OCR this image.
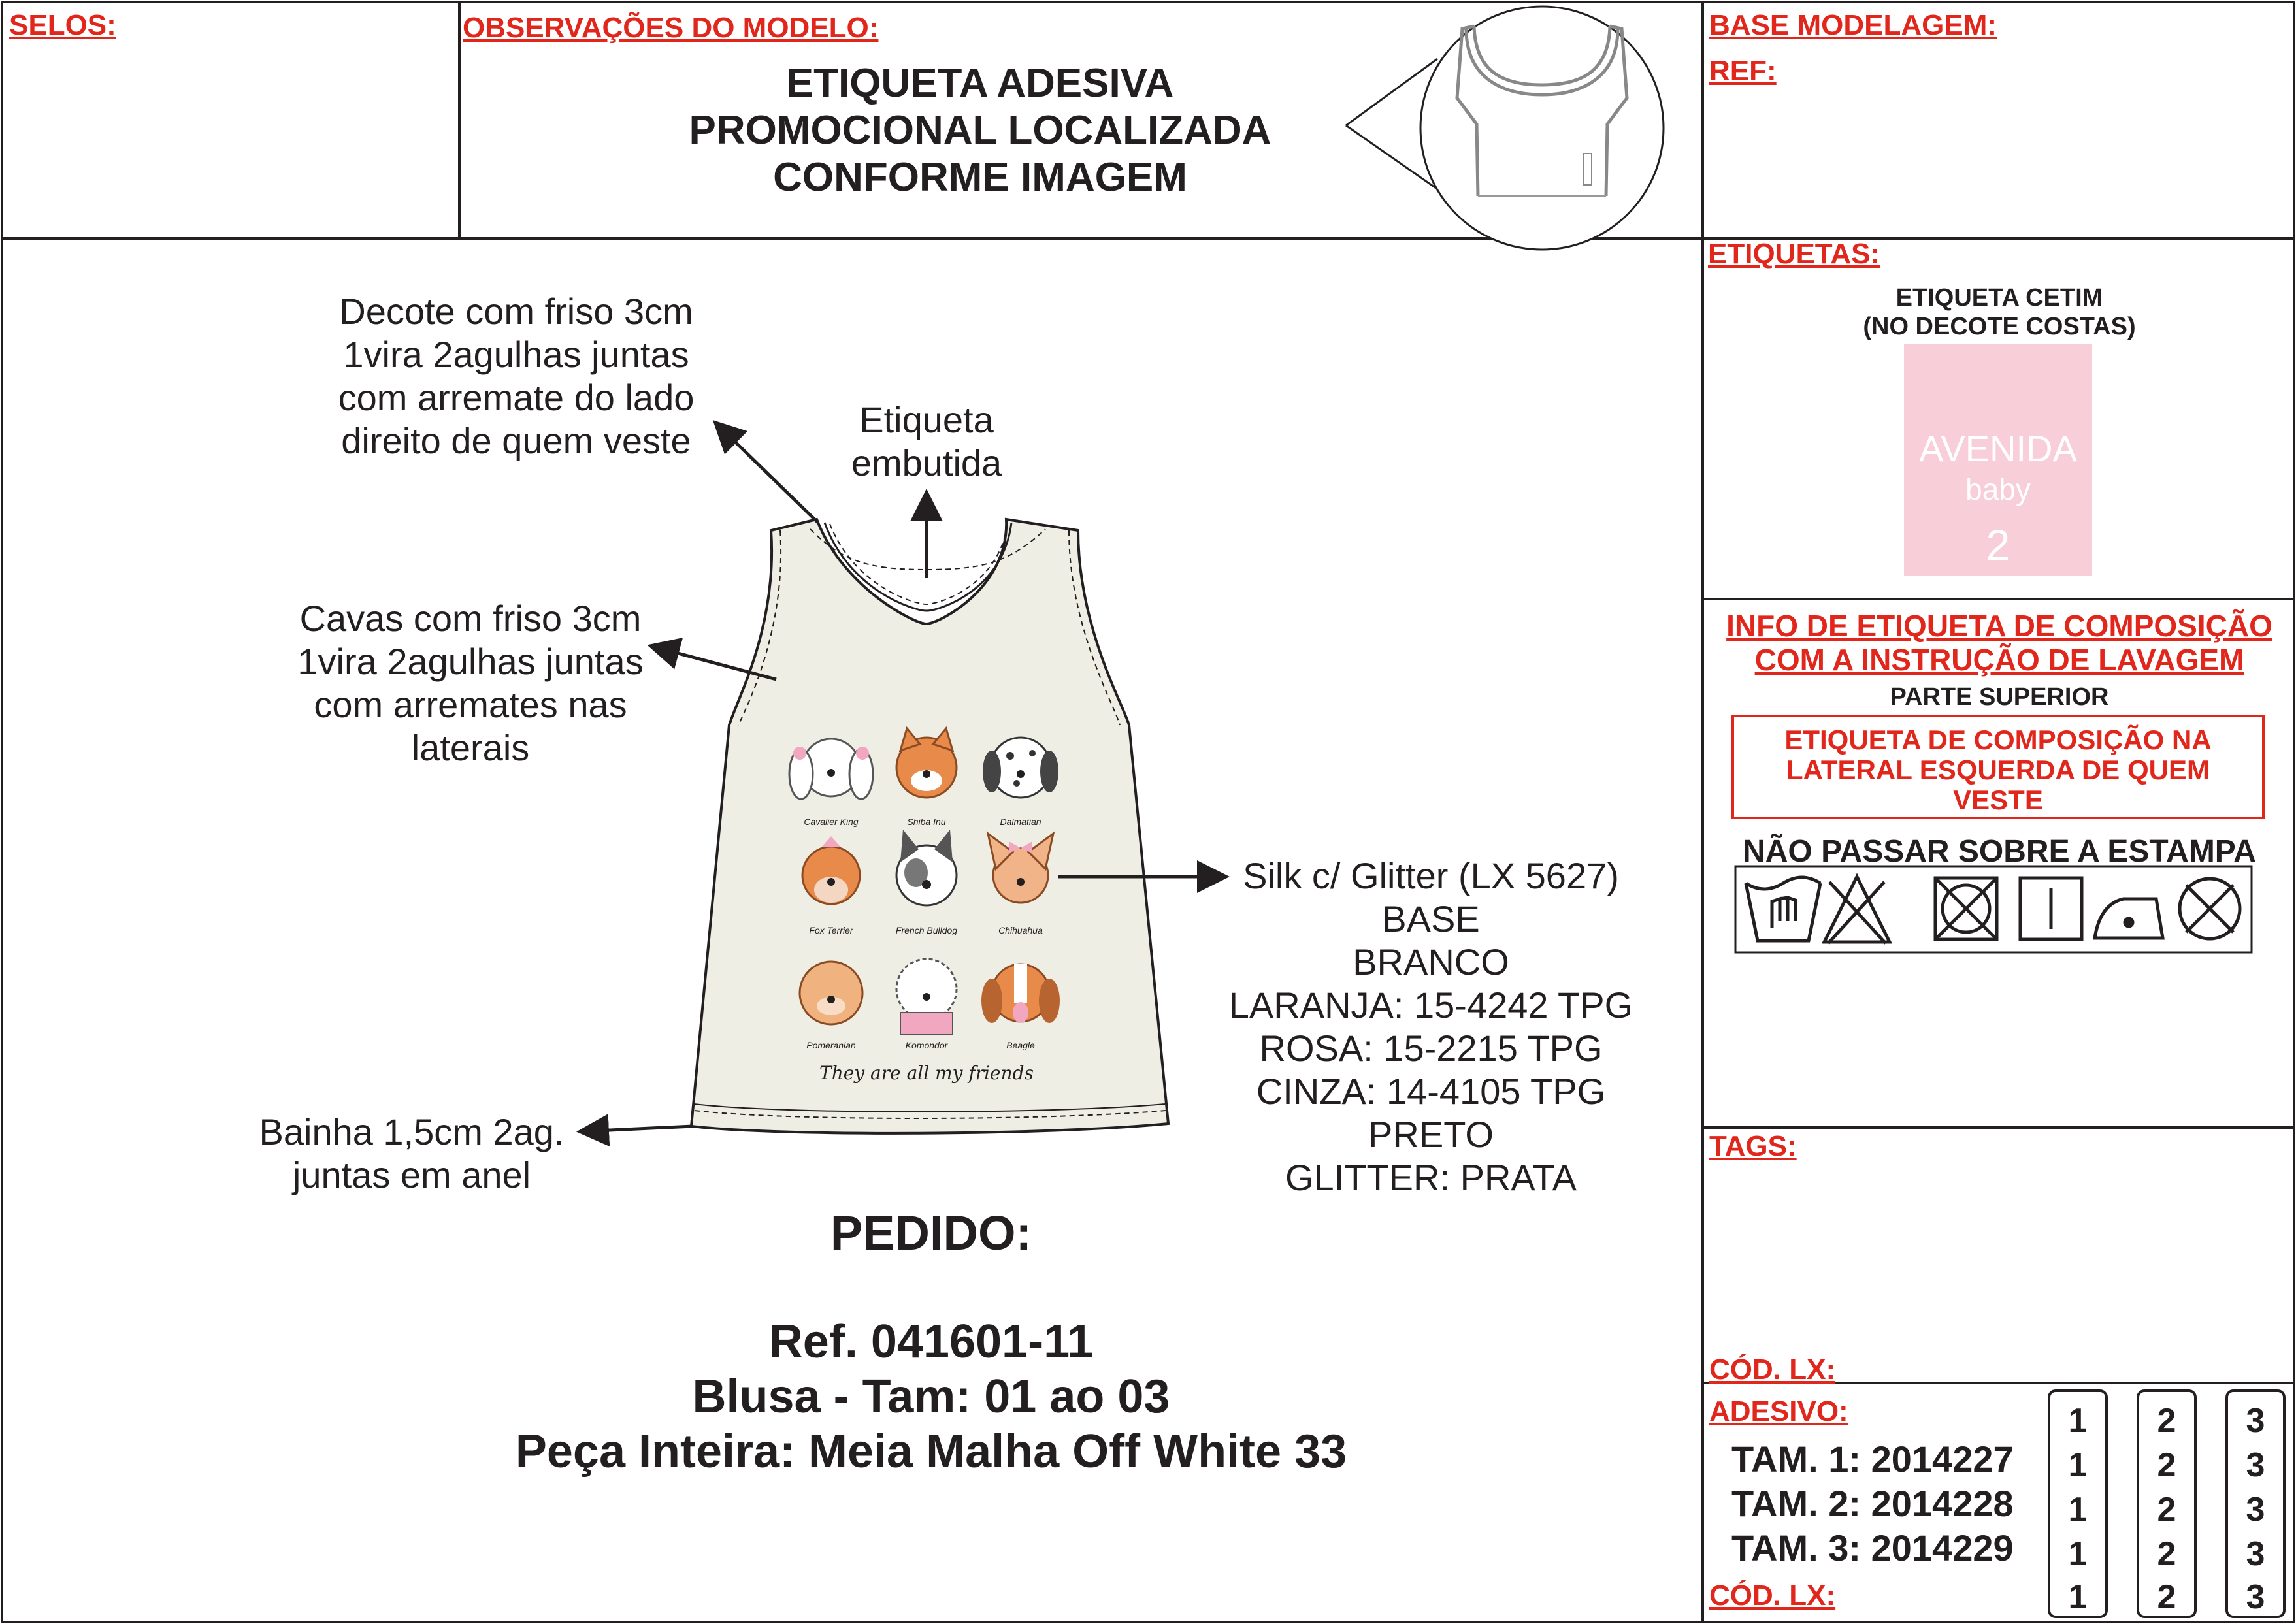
SELOS:	OBSERVAÇÕES DO MODELO:
ETIQUETA ADESIVA
PROMOCIONAL LOCALIZADA
CONFORME IMAGEM
BASE MODELAGEM:
REF:
Cavalier King	Shiba Inu	Dalmatian
Fox Terrier	French Bulldog	Chihuahua
Pomeranian	Komondor	Beagle
They are all my friends
Decote com friso 3cm
1vira 2agulhas juntas
com arremate do lado
direito de quem veste
Etiqueta
embutida
Cavas com friso 3cm
1vira 2agulhas juntas
com arremates nas
laterais
Bainha 1,5cm 2ag.
juntas em anel
Silk c/ Glitter (LX 5627)
BASE
BRANCO
LARANJA: 15-4242 TPG
ROSA: 15-2215 TPG
CINZA: 14-4105 TPG
PRETO
GLITTER: PRATA
PEDIDO:
Ref. 041601-11
Blusa - Tam: 01 ao 03
Peça Inteira: Meia Malha Off White 33
ETIQUETAS:
ETIQUETA CETIM
(NO DECOTE COSTAS)
AVENIDA
baby
2
INFO DE ETIQUETA DE COMPOSIÇÃO
COM A INSTRUÇÃO DE LAVAGEM
PARTE SUPERIOR
ETIQUETA DE COMPOSIÇÃO NA
LATERAL ESQUERDA DE QUEM
VESTE
NÃO PASSAR SOBRE A ESTAMPA
TAGS:
CÓD. LX:
ADESIVO:
TAM. 1: 2014227
TAM. 2: 2014228
TAM. 3: 2014229
CÓD. LX:
1
1
1
1
1
2
2
2
2
2
3
3
3
3
3
